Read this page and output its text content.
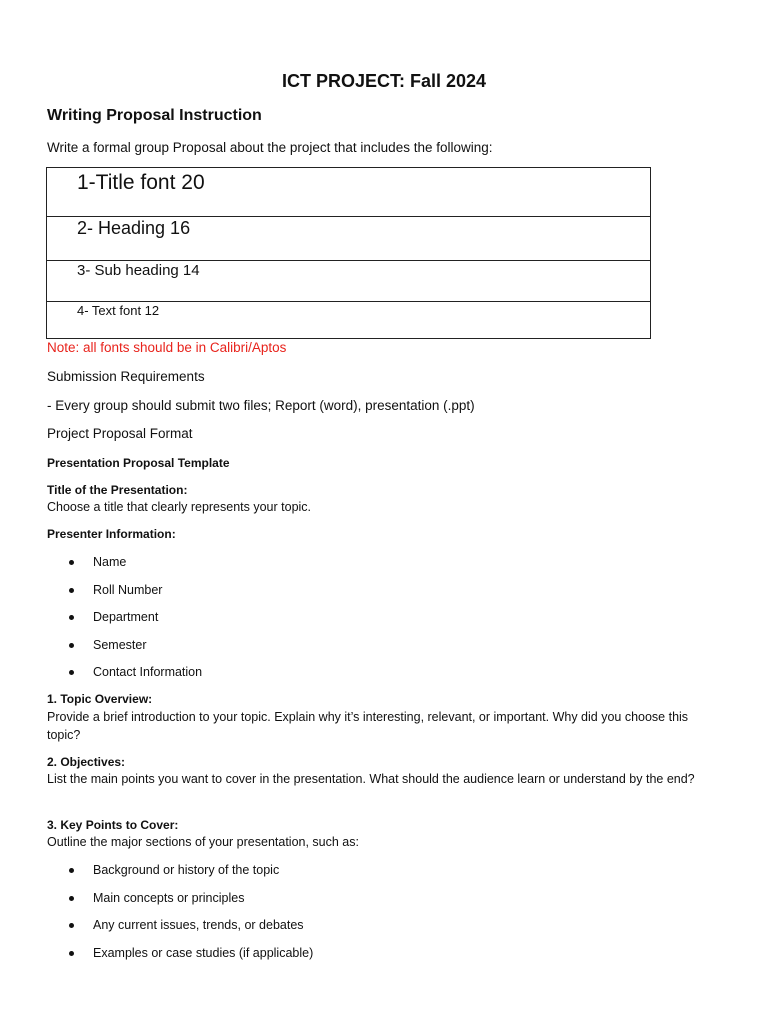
ICT PROJECT: Fall 2024

Writing Proposal Instruction

Write a formal group Proposal about the project that includes the following:

1-Title font 20
2- Heading 16
3- Sub heading 14
4- Text font 12

Note: all fonts should be in Calibri/Aptos

Submission Requirements

- Every group should submit two files; Report (word), presentation (.ppt)

Project Proposal Format

Presentation Proposal Template

Title of the Presentation:

Choose a title that clearly represents your topic.

Presenter Information:

Name
Roll Number
Department
Semester
Contact Information

1. Topic Overview:

Provide a brief introduction to your topic. Explain why it’s interesting, relevant, or important. Why did you choose this topic?

2. Objectives:

List the main points you want to cover in the presentation. What should the audience learn or understand by the end?

3. Key Points to Cover:

Outline the major sections of your presentation, such as:

Background or history of the topic
Main concepts or principles
Any current issues, trends, or debates
Examples or case studies (if applicable)
